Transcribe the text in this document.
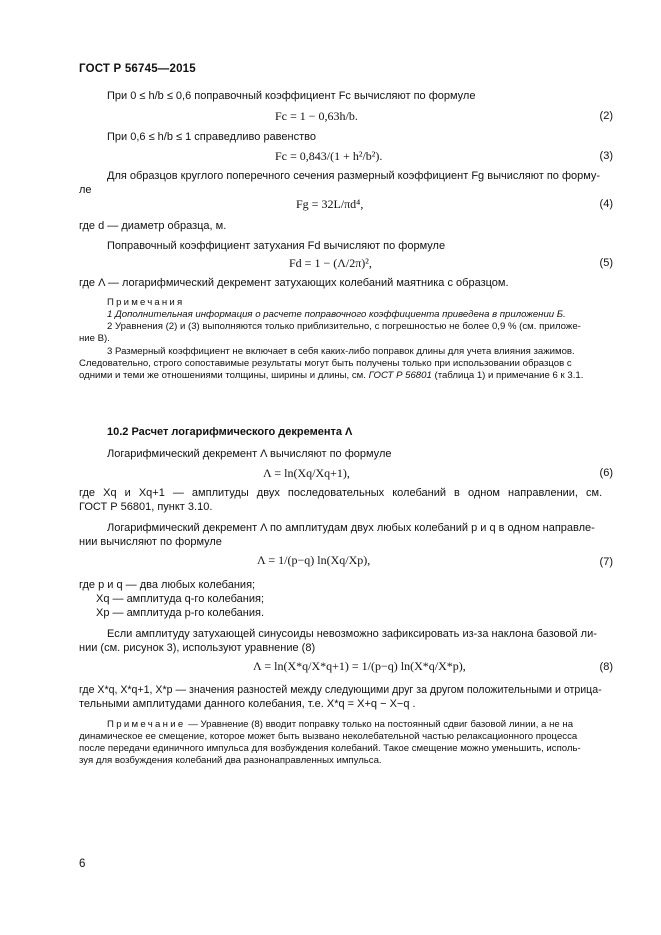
ГОСТ Р 56745—2015
При 0 ≤ h/b ≤ 0,6 поправочный коэффициент Fc вычисляют по формуле
Fc = 1 − 0,63h/b.	(2)
При 0,6 ≤ h/b ≤ 1 справедливо равенство
Fc = 0,843/(1 + h²/b²).	(3)
Для образцов круглого поперечного сечения размерный коэффициент Fg вычисляют по форму-
ле
Fg = 32L/πd⁴,	(4)
где d — диаметр образца, м.
Поправочный коэффициент затухания Fd вычисляют по формуле
Fd = 1 − (Λ/2π)²,	(5)
где Λ — логарифмический декремент затухающих колебаний маятника с образцом.
Примечания
1 Дополнительная информация о расчете поправочного коэффициента приведена в приложении Б.
2 Уравнения (2) и (3) выполняются только приблизительно, с погрешностью не более 0,9 % (см. приложе-
ние В).
3 Размерный коэффициент не включает в себя каких-либо поправок длины для учета влияния зажимов.
Следовательно, строго сопоставимые результаты могут быть получены только при использовании образцов с
одними и теми же отношениями толщины, ширины и длины, см. ГОСТ Р 56801 (таблица 1) и примечание 6 к 3.1.
10.2 Расчет логарифмического декремента Λ
Логарифмический декремент Λ вычисляют по формуле
Λ = ln(Xq/Xq+1),	(6)
где Xq и Xq+1 — амплитуды двух последовательных колебаний в одном направлении, см.
ГОСТ Р 56801, пункт 3.10.
Логарифмический декремент Λ по амплитудам двух любых колебаний p и q в одном направле-
нии вычисляют по формуле
Λ = 1/(p−q) ln(Xq/Xp),	(7)
где p и q — два любых колебания;
Xq — амплитуда q-го колебания;
Xp — амплитуда p-го колебания.
Если амплитуду затухающей синусоиды невозможно зафиксировать из-за наклона базовой ли-
нии (см. рисунок 3), используют уравнение (8)
Λ = ln(X*q/X*q+1) = 1/(p−q) ln(X*q/X*p),	(8)
где X*q, X*q+1, X*p — значения разностей между следующими друг за другом положительными и отрица-
тельными амплитудами данного колебания, т.е. X*q = X+q − X−q .
Примечание — Уравнение (8) вводит поправку только на постоянный сдвиг базовой линии, а не на
динамическое ее смещение, которое может быть вызвано неколебательной частью релаксационного процесса
после передачи единичного импульса для возбуждения колебаний. Такое смещение можно уменьшить, исполь-
зуя для возбуждения колебаний два разнонаправленных импульса.
6
